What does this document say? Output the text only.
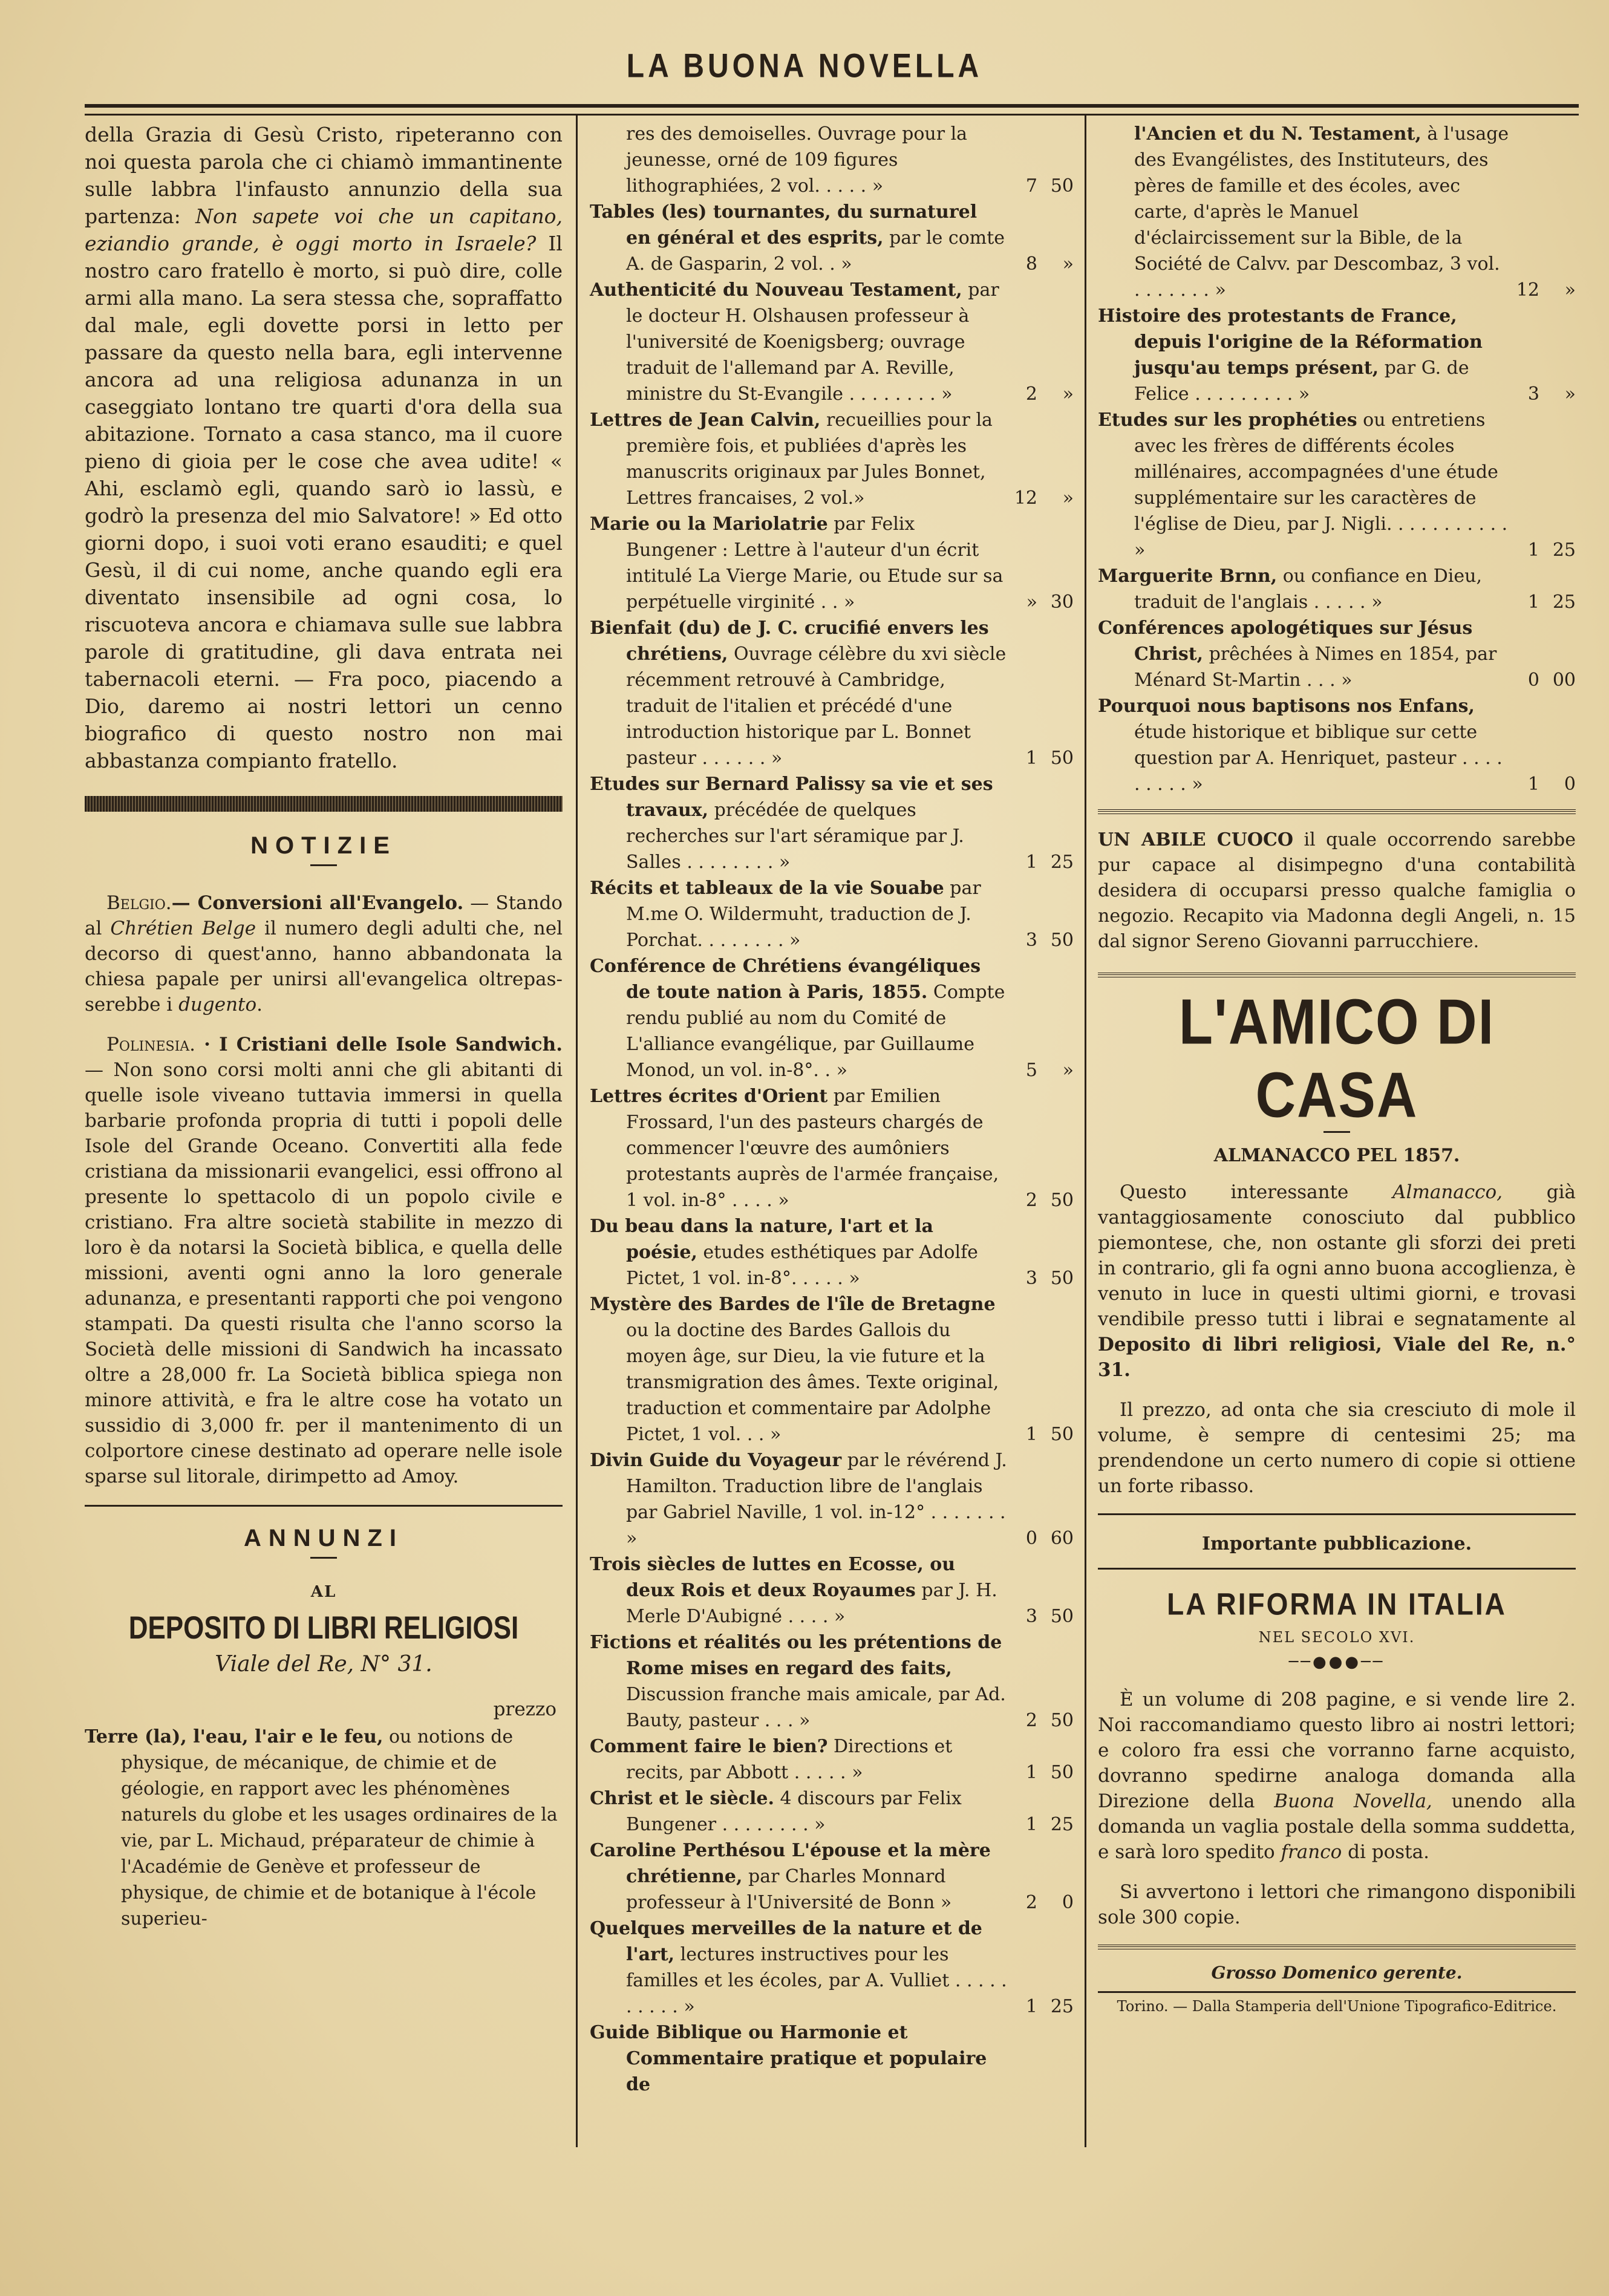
LA BUONA NOVELLA

della Grazia di Gesù Cristo, ripeteranno con noi questa parola che ci chiamò immantinente sulle labbra l'infausto annunzio della sua partenza: Non sapete voi che un capitano, eziandio grande, è oggi morto in Israele? Il nostro caro fratello è morto, si può dire, colle armi alla mano. La sera stessa che, sopraffatto dal male, egli dovette porsi in letto per passare da questo nella bara, egli intervenne ancora ad una religiosa adunanza in un caseggiato lontano tre quarti d'ora della sua abitazione. Tornato a casa stanco, ma il cuore pieno di gioia per le cose che avea udite! « Ahi, esclamò egli, quando sarò io lassù, e godrò la presenza del mio Salvatore! » Ed otto giorni dopo, i suoi voti erano esauditi; e quel Gesù, il di cui nome, anche quando egli era diventato insensibile ad ogni cosa, lo riscuoteva ancora e chiamava sulle sue labbra parole di gratitudine, gli dava entrata nei tabernacoli eterni. — Fra poco, piacendo a Dio, daremo ai nostri lettori un cenno biografico di questo nostro non mai abbastanza compianto fratello.

NOTIZIE

Belgio.— Conversioni all'Evangelo. — Stando al Chrétien Belge il numero degli adulti che, nel decorso di quest'anno, hanno abbandonata la chiesa papale per unirsi all'evangelica oltrepasserebbe i dugento.

Polinesia. · I Cristiani delle Isole Sandwich. — Non sono corsi molti anni che gli abitanti di quelle isole viveano tuttavia immersi in quella barbarie profonda propria di tutti i popoli delle Isole del Grande Oceano. Convertiti alla fede cristiana da missionarii evangelici, essi offrono al presente lo spettacolo di un popolo civile e cristiano. Fra altre società stabilite in mezzo di loro è da notarsi la Società biblica, e quella delle missioni, aventi ogni anno la loro generale adunanza, e presentanti rapporti che poi vengono stampati. Da questi risulta che l'anno scorso la Società delle missioni di Sandwich ha incassato oltre a 28,000 fr. La Società biblica spiega non minore attività, e fra le altre cose ha votato un sussidio di 3,000 fr. per il mantenimento di un colportore cinese destinato ad operare nelle isole sparse sul litorale, dirimpetto ad Amoy.

ANNUNZI
AL
DEPOSITO DI LIBRI RELIGIOSI
Viale del Re, N° 31.
prezzo

Terre (la), l'eau, l'air e le feu, ou notions de physique, de mécanique, de chimie et de géologie, en rapport avec les phénomènes naturels du globe et les usages ordinaires de la vie, par L. Michaud, préparateur de chimie à l'Académie de Genève et professeur de physique, de chimie et de botanique à l'école superieu-

res des demoiselles. Ouvrage pour la jeunesse, orné de 109 figures lithographiées, 2 vol. . . . . »	7 50

Tables (les) tournantes, du surnaturel en général et des esprits, par le comte A. de Gasparin, 2 vol. . »	8	»

Authenticité du Nouveau Testament, par le docteur H. Olshausen professeur à l'université de Koenigsberg; ouvrage traduit de l'allemand par A. Reville, ministre du St-Evangile . . . . . . . . »	2	»

Lettres de Jean Calvin, recueillies pour la première fois, et publiées d'après les manuscrits originaux par Jules Bonnet, Lettres francaises, 2 vol.»	12	»

Marie ou la Mariolatrie par Felix Bungener : Lettre à l'auteur d'un écrit intitulé La Vierge Marie, ou Etude sur sa perpétuelle virginité . . »	» 30

Bienfait (du) de J. C. crucifié envers les chrétiens, Ouvrage célèbre du xvi siècle récemment retrouvé à Cambridge, traduit de l'italien et précédé d'une introduction historique par L. Bonnet pasteur . . . . . . »	1 50

Etudes sur Bernard Palissy sa vie et ses travaux, précédée de quelques recherches sur l'art séramique par J. Salles . . . . . . . . »	1 25

Récits et tableaux de la vie Souabe par M.me O. Wildermuht, traduction de J. Porchat. . . . . . . . »	3 50

Conférence de Chrétiens évangéliques de toute nation à Paris, 1855. Compte rendu publié au nom du Comité de L'alliance evangélique, par Guillaume Monod, un vol. in-8°. . »	5	»

Lettres écrites d'Orient par Emilien Frossard, l'un des pasteurs chargés de commencer l'œuvre des aumôniers protestants auprès de l'armée française, 1 vol. in-8° . . . . »	2 50

Du beau dans la nature, l'art et la poésie, etudes esthétiques par Adolfe Pictet, 1 vol. in-8°. . . . . »	3 50

Mystère des Bardes de l'île de Bretagne ou la doctine des Bardes Gallois du moyen âge, sur Dieu, la vie future et la transmigration des âmes. Texte original, traduction et commentaire par Adolphe Pictet, 1 vol. . . »	1 50

Divin Guide du Voyageur par le révérend J. Hamilton. Traduction libre de l'anglais par Gabriel Naville, 1 vol. in-12° . . . . . . . »	0 60

Trois siècles de luttes en Ecosse, ou deux Rois et deux Royaumes par J. H. Merle D'Aubigné . . . . »	3 50

Fictions et réalités ou les prétentions de Rome mises en regard des faits, Discussion franche mais amicale, par Ad. Bauty, pasteur . . . »	2 50

Comment faire le bien? Directions et recits, par Abbott . . . . . »	1 50

Christ et le siècle. 4 discours par Felix Bungener . . . . . . . . »	1 25

Caroline Perthésou L'épouse et la mère chrétienne, par Charles Monnard professeur à l'Université de Bonn »	2	0

Quelques merveilles de la nature et de l'art, lectures instructives pour les familles et les écoles, par A. Vulliet . . . . . . . . . . »	1 25

Guide Biblique ou Harmonie et Commentaire pratique et populaire de

l'Ancien et du N. Testament, à l'usage des Evangélistes, des Instituteurs, des pères de famille et des écoles, avec carte, d'après le Manuel d'éclaircissement sur la Bible, de la Société de Calvv. par Descombaz, 3 vol. . . . . . . . »	12	»

Histoire des protestants de France, depuis l'origine de la Réformation jusqu'au temps présent, par G. de Felice . . . . . . . . . »	3	»

Etudes sur les prophéties ou entretiens avec les frères de différents écoles millénaires, accompagnées d'une étude supplémentaire sur les caractères de l'église de Dieu, par J. Nigli. . . . . . . . . . . »	1 25

Marguerite Brnn, ou confiance en Dieu, traduit de l'anglais . . . . . »	1 25

Conférences apologétiques sur Jésus Christ, prêchées à Nimes en 1854, par Ménard St-Martin . . . »	0 00

Pourquoi nous baptisons nos Enfans, étude historique et biblique sur cette question par A. Henriquet, pasteur . . . . . . . . . »	1	0

UN ABILE CUOCO il quale occorrendo sarebbe pur capace al disimpegno d'una contabilità desidera di occuparsi presso qualche famiglia o negozio. Recapito via Madonna degli Angeli, n. 15 dal signor Sereno Giovanni parrucchiere.

L'AMICO DI CASA
ALMANACCO PEL 1857.

Questo interessante Almanacco, già vantaggiosamente conosciuto dal pubblico piemontese, che, non ostante gli sforzi dei preti in contrario, gli fa ogni anno buona accoglienza, è venuto in luce in questi ultimi giorni, e trovasi vendibile presso tutti i librai e segnatamente al Deposito di libri religiosi, Viale del Re, n.° 31.

Il prezzo, ad onta che sia cresciuto di mole il volume, è sempre di centesimi 25; ma prendendone un certo numero di copie si ottiene un forte ribasso.

Importante pubblicazione.
LA RIFORMA IN ITALIA
NEL SECOLO XVI.
──●●●──

È un volume di 208 pagine, e si vende lire 2. Noi raccomandiamo questo libro ai nostri lettori; e coloro fra essi che vorranno farne acquisto, dovranno spedirne analoga domanda alla Direzione della Buona Novella, unendo alla domanda un vaglia postale della somma suddetta, e sarà loro spedito franco di posta.

Si avvertono i lettori che rimangono disponibili sole 300 copie.

Grosso Domenico gerente.
Torino. — Dalla Stamperia dell'Unione Tipografico-Editrice.
